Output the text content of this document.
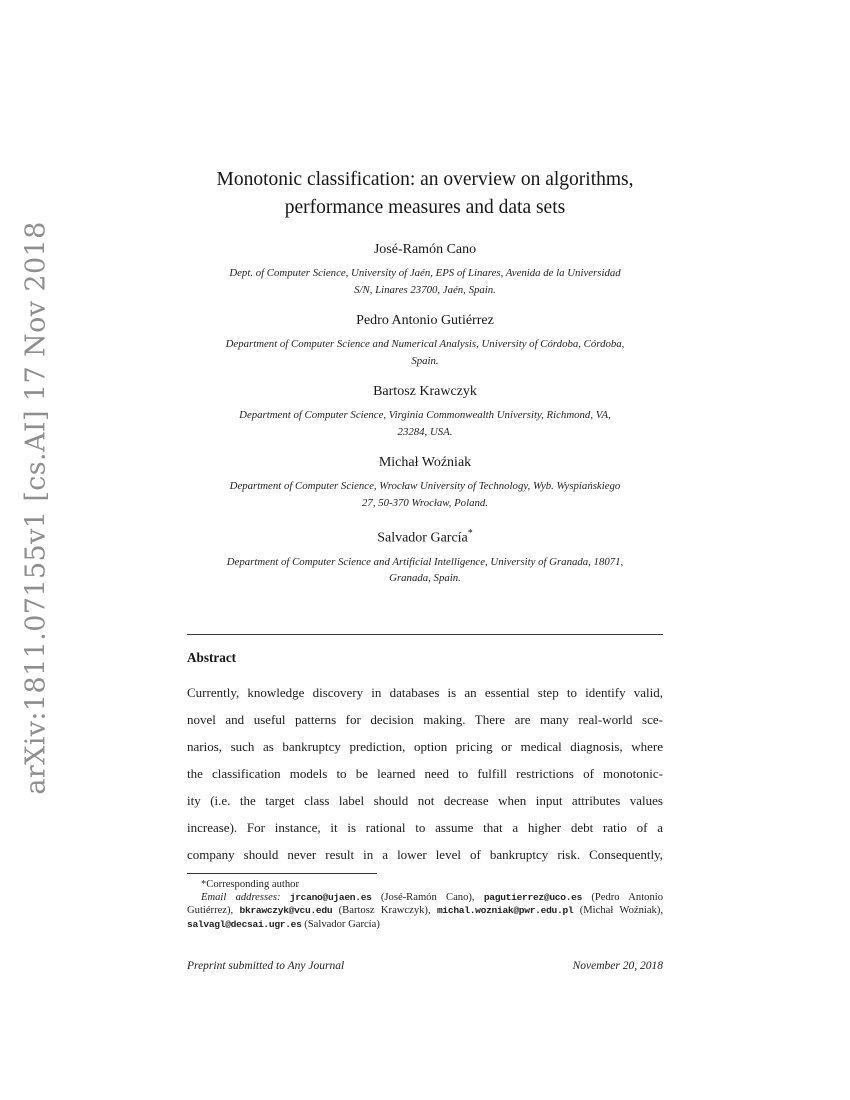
arXiv:1811.07155v1 [cs.AI] 17 Nov 2018
Monotonic classification: an overview on algorithms,
performance measures and data sets
José-Ramón Cano
Dept. of Computer Science, University of Jaén, EPS of Linares, Avenida de la Universidad
S/N, Linares 23700, Jaén, Spain.
Pedro Antonio Gutiérrez
Department of Computer Science and Numerical Analysis, University of Córdoba, Córdoba,
Spain.
Bartosz Krawczyk
Department of Computer Science, Virginia Commonwealth University, Richmond, VA,
23284, USA.
Michał Woźniak
Department of Computer Science, Wrocław University of Technology, Wyb. Wyspiańskiego
27, 50-370 Wrocław, Poland.
Salvador García*
Department of Computer Science and Artificial Intelligence, University of Granada, 18071,
Granada, Spain.
Abstract
Currently, knowledge discovery in databases is an essential step to identify valid,
novel and useful patterns for decision making. There are many real-world sce-
narios, such as bankruptcy prediction, option pricing or medical diagnosis, where
the classification models to be learned need to fulfill restrictions of monotonic-
ity (i.e. the target class label should not decrease when input attributes values
increase). For instance, it is rational to assume that a higher debt ratio of a
company should never result in a lower level of bankruptcy risk. Consequently,

*Corresponding author

Email addresses: jrcano@ujaen.es (José-Ramón Cano), pagutierrez@uco.es (Pedro Antonio Gutiérrez), bkrawczyk@vcu.edu (Bartosz Krawczyk), michal.wozniak@pwr.edu.pl (Michał Woźniak), salvagl@decsai.ugr.es (Salvador García)

Preprint submitted to Any Journal	November 20, 2018
